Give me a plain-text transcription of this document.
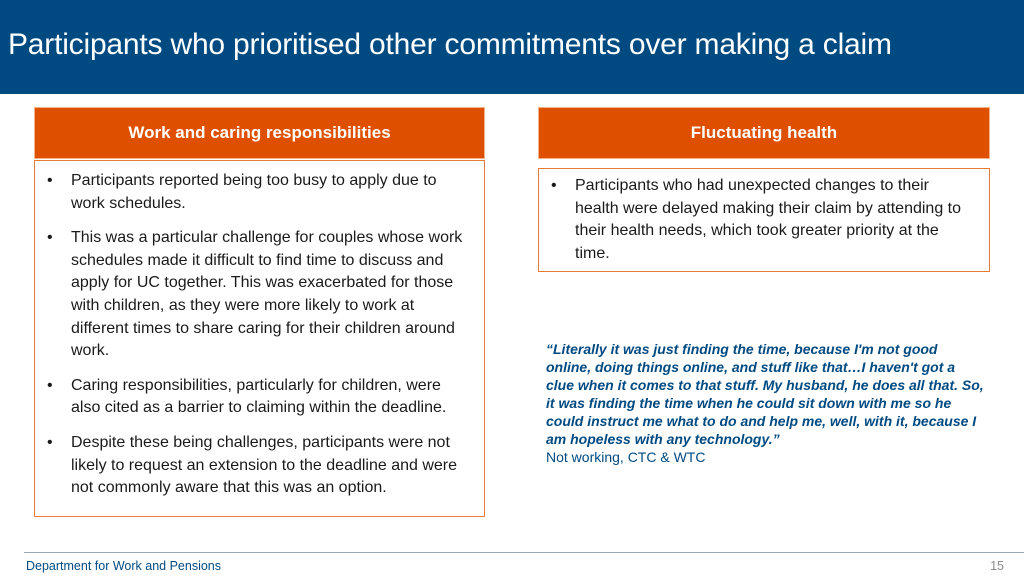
Participants who prioritised other commitments over making a claim
Work and caring responsibilities
• Participants reported being too busy to apply due to work schedules.
• This was a particular challenge for couples whose work schedules made it difficult to find time to discuss and apply for UC together. This was exacerbated for those with children, as they were more likely to work at different times to share caring for their children around work.
• Caring responsibilities, particularly for children, were also cited as a barrier to claiming within the deadline.
• Despite these being challenges, participants were not likely to request an extension to the deadline and were not commonly aware that this was an option.
Fluctuating health
• Participants who had unexpected changes to their health were delayed making their claim by attending to their health needs, which took greater priority at the time.
“Literally it was just finding the time, because I'm not good online, doing things online, and stuff like that…I haven't got a clue when it comes to that stuff. My husband, he does all that. So, it was finding the time when he could sit down with me so he could instruct me what to do and help me, well, with it, because I am hopeless with any technology.”
Not working, CTC & WTC
Department for Work and Pensions	15
